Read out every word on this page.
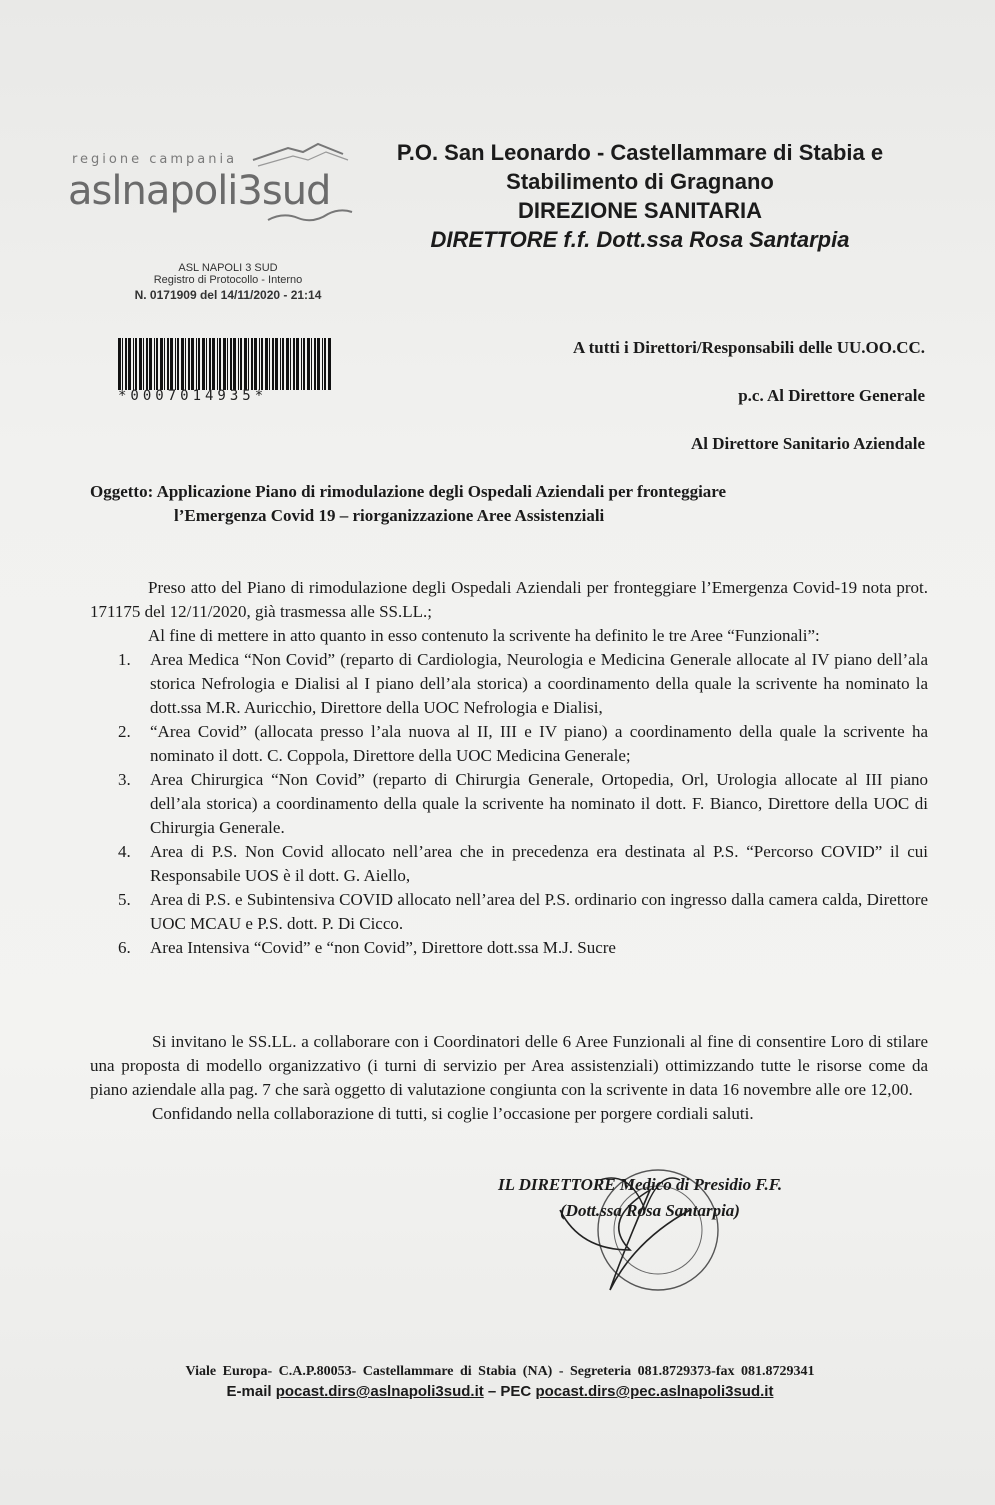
regione campania
aslnapoli3sud
P.O. San Leonardo - Castellammare di Stabia e
Stabilimento di Gragnano
DIREZIONE SANITARIA
DIRETTORE f.f. Dott.ssa Rosa Santarpia
ASL NAPOLI 3 SUD
Registro di Protocollo - Interno
N. 0171909 del 14/11/2020 - 21:14
*0007014935*
A tutti i Direttori/Responsabili delle UU.OO.CC.
p.c. Al Direttore Generale
Al Direttore Sanitario Aziendale
Oggetto: Applicazione Piano di rimodulazione degli Ospedali Aziendali per fronteggiare
l’Emergenza Covid 19 – riorganizzazione Aree Assistenziali

Preso atto del Piano di rimodulazione degli Ospedali Aziendali per fronteggiare l’Emergenza Covid-19 nota prot. 171175 del 12/11/2020, già trasmessa alle SS.LL.;

Al fine di mettere in atto quanto in esso contenuto la scrivente ha definito le tre Aree “Funzionali”:

1. Area Medica “Non Covid” (reparto di Cardiologia, Neurologia e Medicina Generale allocate al IV piano dell’ala storica Nefrologia e Dialisi al I piano dell’ala storica) a coordinamento della quale la scrivente ha nominato la dott.ssa M.R. Auricchio, Direttore della UOC Nefrologia e Dialisi,
2. “Area Covid” (allocata presso l’ala nuova al II, III e IV piano) a coordinamento della quale la scrivente ha nominato il dott. C. Coppola, Direttore della UOC Medicina Generale;
3. Area Chirurgica “Non Covid” (reparto di Chirurgia Generale, Ortopedia, Orl, Urologia allocate al III piano dell’ala storica) a coordinamento della quale la scrivente ha nominato il dott. F. Bianco, Direttore della UOC di Chirurgia Generale.
4. Area di P.S. Non Covid allocato nell’area che in precedenza era destinata al P.S. “Percorso COVID” il cui Responsabile UOS è il dott. G. Aiello,
5. Area di P.S. e Subintensiva COVID allocato nell’area del P.S. ordinario con ingresso dalla camera calda, Direttore UOC MCAU e P.S. dott. P. Di Cicco.
6. Area Intensiva “Covid” e “non Covid”, Direttore dott.ssa M.J. Sucre

Si invitano le SS.LL. a collaborare con i Coordinatori delle 6 Aree Funzionali al fine di consentire Loro di stilare una proposta di modello organizzativo (i turni di servizio per Area assistenziali) ottimizzando tutte le risorse come da piano aziendale alla pag. 7 che sarà oggetto di valutazione congiunta con la scrivente in data 16 novembre alle ore 12,00.

Confidando nella collaborazione di tutti, si coglie l’occasione per porgere cordiali saluti.

IL DIRETTORE Medico di Presidio F.F.
(Dott.ssa Rosa Santarpia)
Viale Europa- C.A.P.80053- Castellammare di Stabia (NA) - Segreteria 081.8729373-fax 081.8729341
E-mail pocast.dirs@aslnapoli3sud.it – PEC pocast.dirs@pec.aslnapoli3sud.it
